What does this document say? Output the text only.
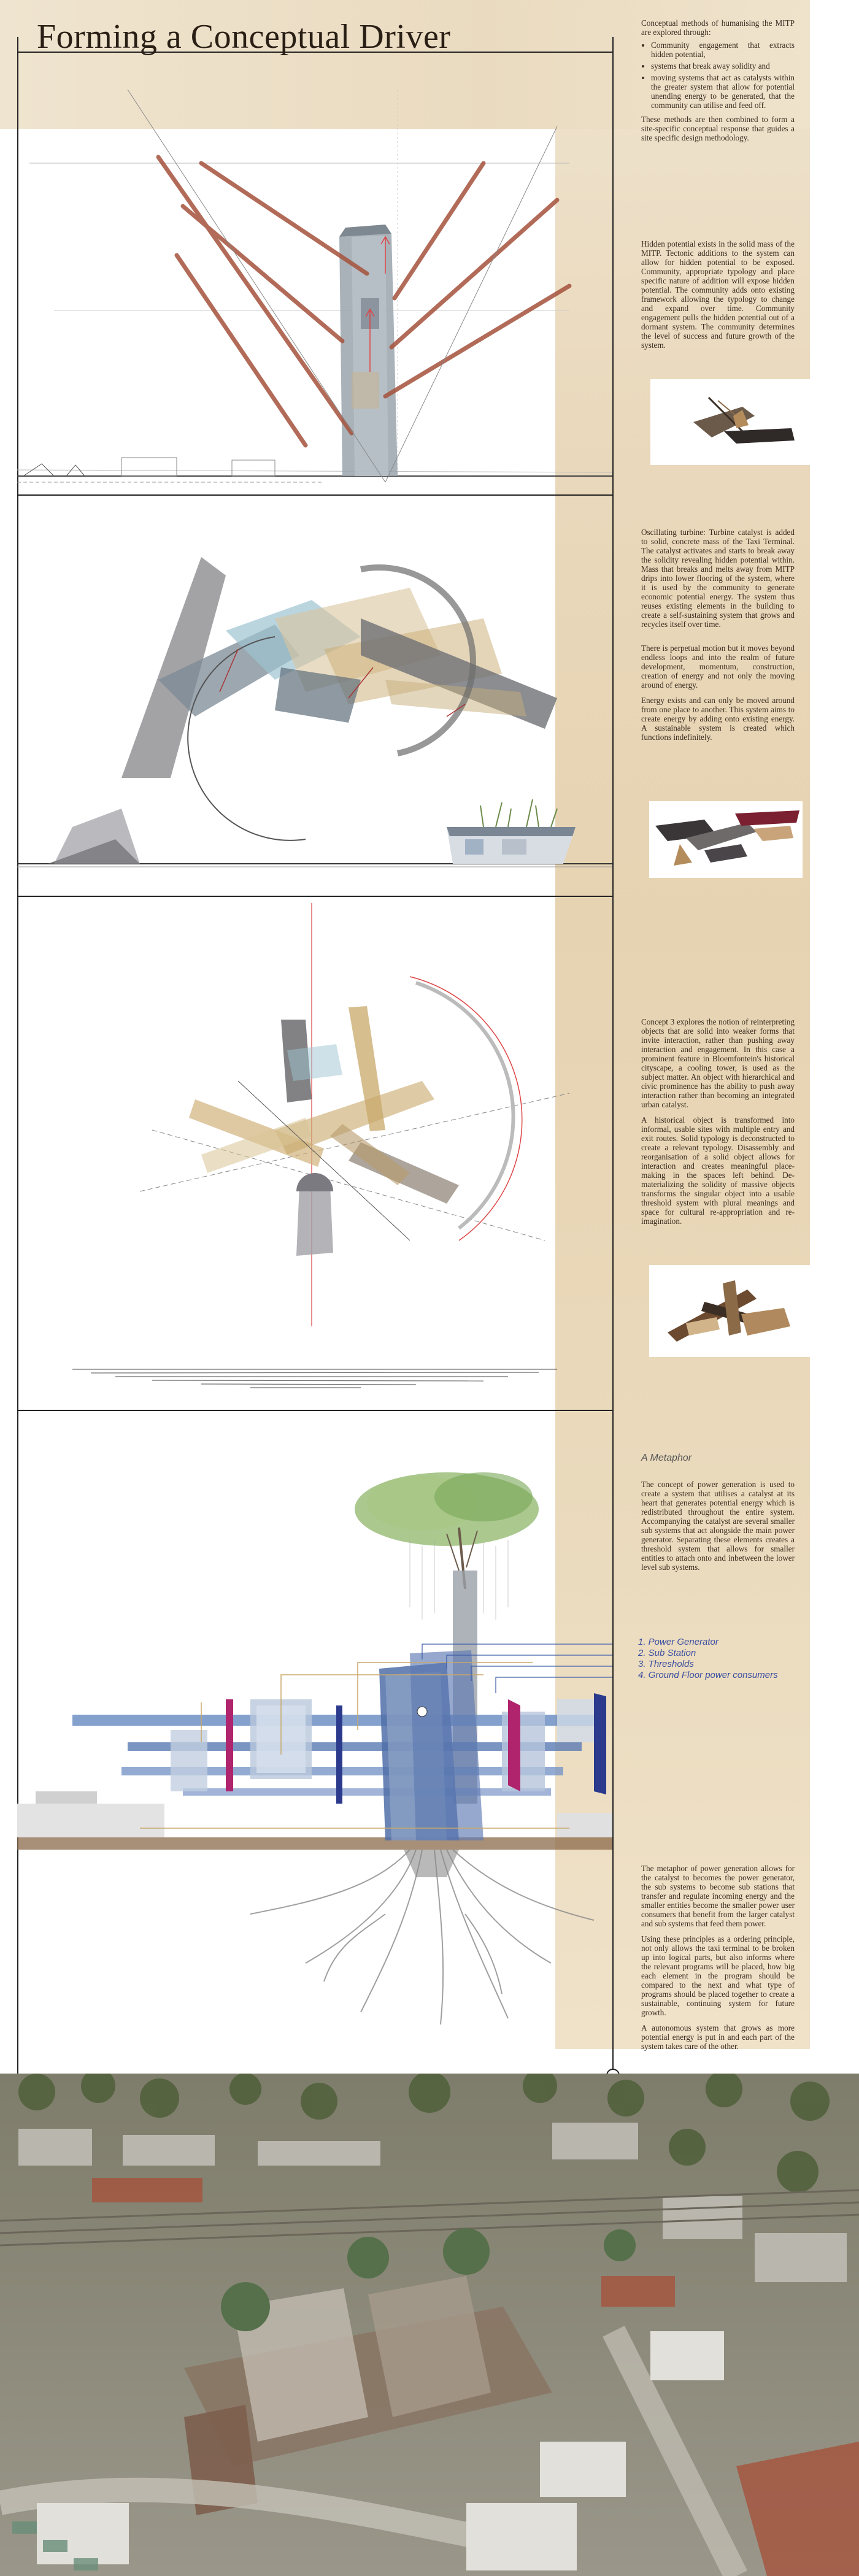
Forming a Conceptual Driver	Conceptual methods of humanising the MITP are explored through:

• Community engagement that extracts hidden potential,
• systems that break away solidity and
• moving systems that act as catalysts within the greater system that allow for potential unending energy to be generated, that the community can utilise and feed off.

These methods are then combined to form a site-specific conceptual response that guides a site specific design methodology.

Hidden potential exists in the solid mass of the MITP. Tectonic additions to the system can allow for hidden potential to be exposed. Community, appropriate typology and place specific nature of addition will expose hidden potential. The community adds onto existing framework allowing the typology to change and expand over time. Community engagement pulls the hidden potential out of a dormant system. The community determines the level of success and future growth of the system.

Oscillating turbine: Turbine catalyst is added to solid, concrete mass of the Taxi Terminal. The catalyst activates and starts to break away the solidity revealing hidden potential within. Mass that breaks and melts away from MITP drips into lower flooring of the system, where it is used by the community to generate economic potential energy. The system thus reuses existing elements in the building to create a self-sustaining system that grows and recycles itself over time.

There is perpetual motion but it moves beyond endless loops and into the realm of future development, momentum, construction, creation of energy and not only the moving around of energy.

Energy exists and can only be moved around from one place to another. This system aims to create energy by adding onto existing energy. A sustainable system is created which functions indefinitely.

Concept 3 explores the notion of reinterpreting objects that are solid into weaker forms that invite interaction, rather than pushing away interaction and engagement. In this case a prominent feature in Bloemfontein's historical cityscape, a cooling tower, is used as the subject matter. An object with hierarchical and civic prominence has the ability to push away interaction rather than becoming an integrated urban catalyst.

A historical object is transformed into informal, usable sites with multiple entry and exit routes. Solid typology is deconstructed to create a relevant typology. Disassembly and reorganisation of a solid object allows for interaction and creates meaningful place-making in the spaces left behind. De-materializing the solidity of massive objects transforms the singular object into a usable threshold system with plural meanings and space for cultural re-appropriation and re-imagination.

A Metaphor

The concept of power generation is used to create a system that utilises a catalyst at its heart that generates potential energy which is redistributed throughout the entire system. Accompanying the catalyst are several smaller sub systems that act alongside the main power generator. Separating these elements creates a threshold system that allows for smaller entities to attach onto and inbetween the lower level sub systems.

The metaphor of power generation allows for the catalyst to becomes the power generator, the sub systems to become sub stations that transfer and regulate incoming energy and the smaller entities become the smaller power user consumers that benefit from the larger catalyst and sub systems that feed them power.

Using these principles as a ordering principle, not only allows the taxi terminal to be broken up into logical parts, but also informs where the relevant programs will be placed, how big each element in the program should be compared to the next and what type of programs should be placed together to create a sustainable, continuing system for future growth.

A autonomous system that grows as more potential energy is put in and each part of the system takes care of the other.

1. Power Generator
2. Sub Station
3. Thresholds
4. Ground Floor power consumers
